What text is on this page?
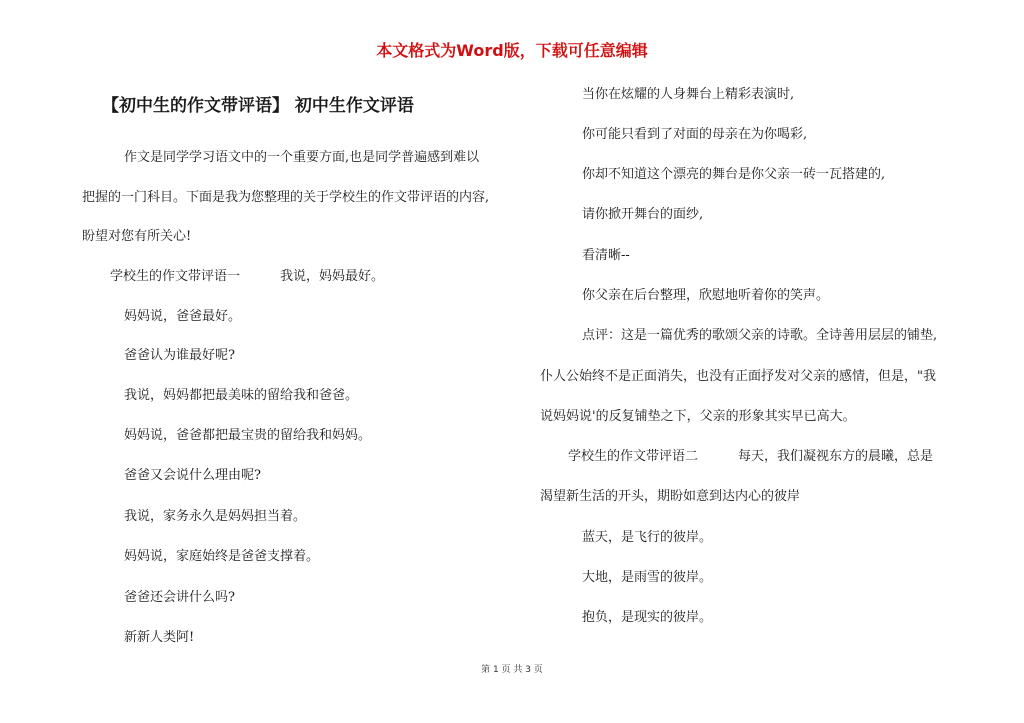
本文格式为Word版，下载可任意编辑
【初中生的作文带评语】 初中生作文评语
作文是同学学习语文中的一个重要方面,也是同学普遍感到难以
把握的一门科目。下面是我为您整理的关于学校生的作文带评语的内容,
盼望对您有所关心!
学校生的作文带评语一	我说，妈妈最好。
妈妈说，爸爸最好。
爸爸认为谁最好呢?
我说，妈妈都把最美味的留给我和爸爸。
妈妈说，爸爸都把最宝贵的留给我和妈妈。
爸爸又会说什么理由呢?
我说，家务永久是妈妈担当着。
妈妈说，家庭始终是爸爸支撑着。
爸爸还会讲什么吗?
新新人类阿!
当你在炫耀的人身舞台上精彩表演时,
你可能只看到了对面的母亲在为你喝彩,
你却不知道这个漂亮的舞台是你父亲一砖一瓦搭建的,
请你掀开舞台的面纱,
看清晰--
你父亲在后台整理，欣慰地听着你的笑声。
点评：这是一篇优秀的歌颂父亲的诗歌。全诗善用层层的铺垫,
仆人公始终不是正面消失，也没有正面抒发对父亲的感情，但是，"我
说妈妈说'的反复铺垫之下，父亲的形象其实早已高大。
学校生的作文带评语二	每天，我们凝视东方的晨曦，总是
渴望新生活的开头，期盼如意到达内心的彼岸
蓝天，是飞行的彼岸。
大地，是雨雪的彼岸。
抱负，是现实的彼岸。
第 1 页 共 3 页
